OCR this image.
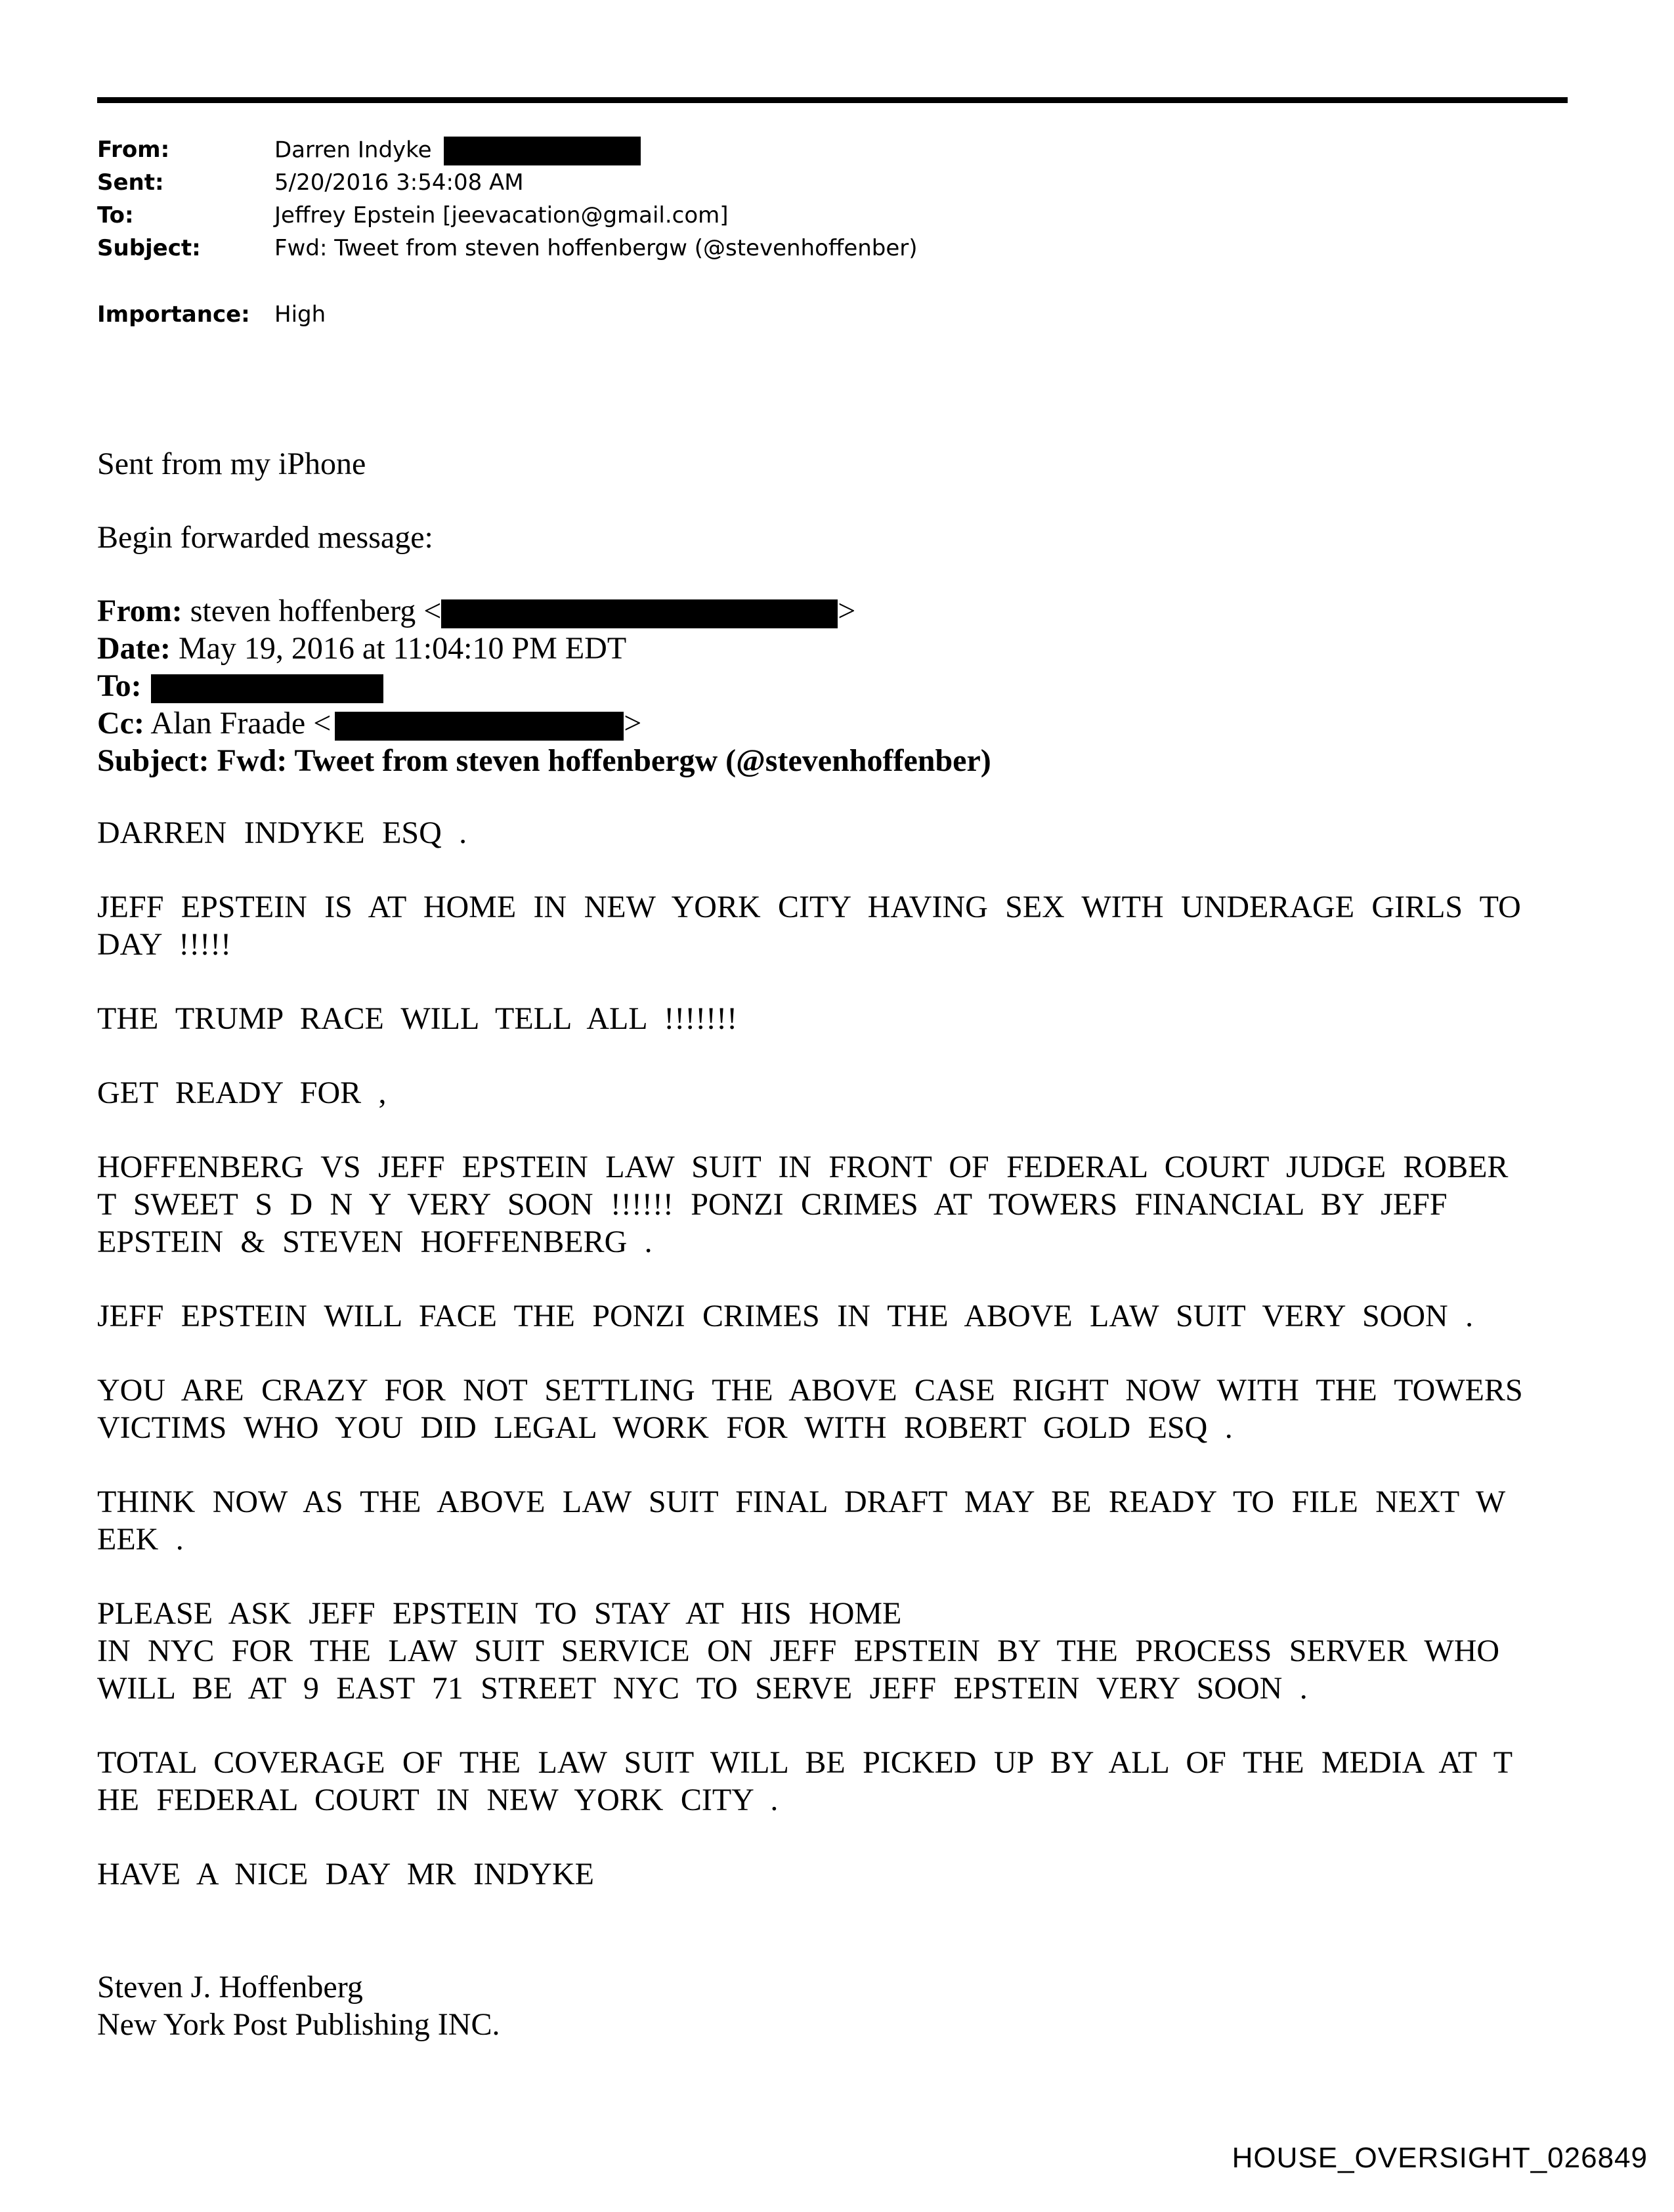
From:	Darren Indyke
Sent:	5/20/2016 3:54:08 AM
To:	Jeffrey Epstein [jeevacation@gmail.com]
Subject:	Fwd: Tweet from steven hoffenbergw (@stevenhoffenber)
Importance: High
Sent from my iPhone
Begin forwarded message:
From: steven hoffenberg <	>
Date: May 19, 2016 at 11:04:10 PM EDT
To:
Cc: Alan Fraade <	>
Subject: Fwd: Tweet from steven hoffenbergw (@stevenhoffenber)
DARREN INDYKE ESQ .
JEFF EPSTEIN IS AT HOME IN NEW YORK CITY HAVING SEX WITH UNDERAGE GIRLS TO
DAY !!!!!
THE TRUMP RACE WILL TELL ALL !!!!!!!
GET READY FOR ,
HOFFENBERG VS JEFF EPSTEIN LAW SUIT IN FRONT OF FEDERAL COURT JUDGE ROBER
T SWEET S D N Y VERY SOON !!!!!! PONZI CRIMES AT TOWERS FINANCIAL BY JEFF
EPSTEIN & STEVEN HOFFENBERG .
JEFF EPSTEIN WILL FACE THE PONZI CRIMES IN THE ABOVE LAW SUIT VERY SOON .
YOU ARE CRAZY FOR NOT SETTLING THE ABOVE CASE RIGHT NOW WITH THE TOWERS
VICTIMS WHO YOU DID LEGAL WORK FOR WITH ROBERT GOLD ESQ .
THINK NOW AS THE ABOVE LAW SUIT FINAL DRAFT MAY BE READY TO FILE NEXT W
EEK .
PLEASE ASK JEFF EPSTEIN TO STAY AT HIS HOME
IN NYC FOR THE LAW SUIT SERVICE ON JEFF EPSTEIN BY THE PROCESS SERVER WHO
WILL BE AT 9 EAST 71 STREET NYC TO SERVE JEFF EPSTEIN VERY SOON .
TOTAL COVERAGE OF THE LAW SUIT WILL BE PICKED UP BY ALL OF THE MEDIA AT T
HE FEDERAL COURT IN NEW YORK CITY .
HAVE A NICE DAY MR INDYKE
Steven J. Hoffenberg
New York Post Publishing INC.
HOUSE_OVERSIGHT_026849
